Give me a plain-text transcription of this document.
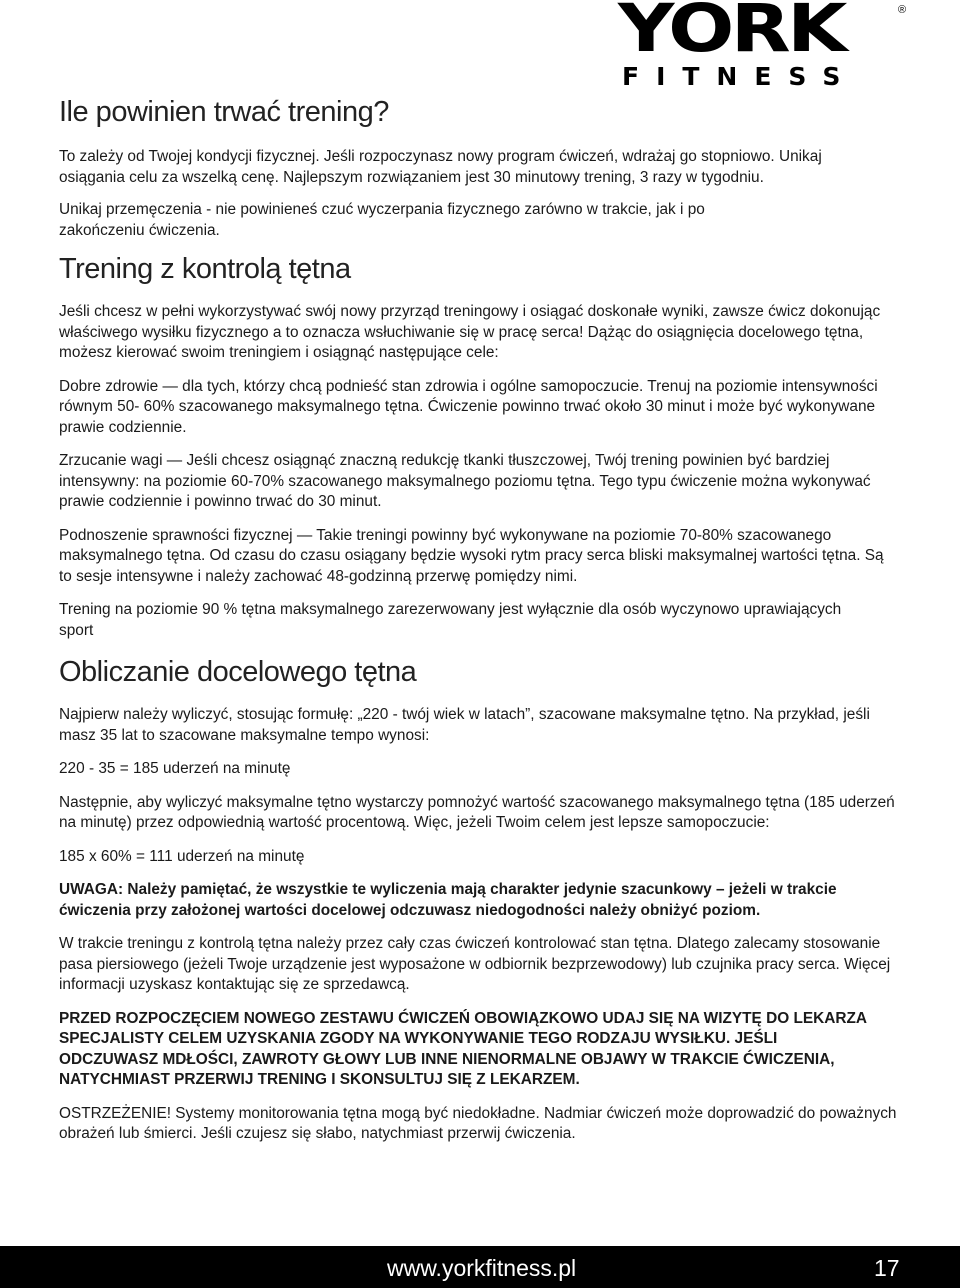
YORK	®
FITNESS
Ile powinien trwać trening?

To zależy od Twojej kondycji fizycznej. Jeśli rozpoczynasz nowy program ćwiczeń, wdrażaj go stopniowo. Unikaj osiągania celu za wszelką cenę. Najlepszym rozwiązaniem jest 30 minutowy trening, 3 razy w tygodniu.

Unikaj przemęczenia - nie powinieneś czuć wyczerpania fizycznego zarówno w trakcie, jak i po zakończeniu ćwiczenia.

Trening z kontrolą tętna

Jeśli chcesz w pełni wykorzystywać swój nowy przyrząd treningowy i osiągać doskonałe wyniki, zawsze ćwicz dokonując właściwego wysiłku fizycznego a to oznacza wsłuchiwanie się w pracę serca! Dążąc do osiągnięcia docelowego tętna, możesz kierować swoim treningiem i osiągnąć następujące cele:

Dobre zdrowie — dla tych, którzy chcą podnieść stan zdrowia i ogólne samopoczucie. Trenuj na poziomie intensywności równym 50- 60% szacowanego maksymalnego tętna. Ćwiczenie powinno trwać około 30 minut i może być wykonywane prawie codziennie.

Zrzucanie wagi — Jeśli chcesz osiągnąć znaczną redukcję tkanki tłuszczowej, Twój trening powinien być bardziej intensywny: na poziomie 60-70% szacowanego maksymalnego poziomu tętna. Tego typu ćwiczenie można wykonywać prawie codziennie i powinno trwać do 30 minut.

Podnoszenie sprawności fizycznej — Takie treningi powinny być wykonywane na poziomie 70-80% szacowanego maksymalnego tętna. Od czasu do czasu osiągany będzie wysoki rytm pracy serca bliski maksymalnej wartości tętna. Są to sesje intensywne i należy zachować 48-godzinną przerwę pomiędzy nimi.

Trening na poziomie 90 % tętna maksymalnego zarezerwowany jest wyłącznie dla osób wyczynowo uprawiających sport

Obliczanie docelowego tętna

Najpierw należy wyliczyć, stosując formułę: „220 - twój wiek w latach”, szacowane maksymalne tętno. Na przykład, jeśli masz 35 lat to szacowane maksymalne tempo wynosi:

220 - 35 = 185 uderzeń na minutę

Następnie, aby wyliczyć maksymalne tętno wystarczy pomnożyć wartość szacowanego maksymalnego tętna (185 uderzeń na minutę) przez odpowiednią wartość procentową. Więc, jeżeli Twoim celem jest lepsze samopoczucie:

185 x 60% = 111 uderzeń na minutę

UWAGA: Należy pamiętać, że wszystkie te wyliczenia mają charakter jedynie szacunkowy – jeżeli w trakcie ćwiczenia przy założonej wartości docelowej odczuwasz niedogodności należy obniżyć poziom.

W trakcie treningu z kontrolą tętna należy przez cały czas ćwiczeń kontrolować stan tętna. Dlatego zalecamy stosowanie pasa piersiowego (jeżeli Twoje urządzenie jest wyposażone w odbiornik bezprzewodowy) lub czujnika pracy serca. Więcej informacji uzyskasz kontaktując się ze sprzedawcą.

PRZED ROZPOCZĘCIEM NOWEGO ZESTAWU ĆWICZEŃ OBOWIĄZKOWO UDAJ SIĘ NA WIZYTĘ DO LEKARZA SPECJALISTY CELEM UZYSKANIA ZGODY NA WYKONYWANIE TEGO RODZAJU WYSIŁKU. JEŚLI ODCZUWASZ MDŁOŚCI, ZAWROTY GŁOWY LUB INNE NIENORMALNE OBJAWY W TRAKCIE ĆWICZENIA, NATYCHMIAST PRZERWIJ TRENING I SKONSULTUJ SIĘ Z LEKARZEM.

OSTRZEŻENIE! Systemy monitorowania tętna mogą być niedokładne. Nadmiar ćwiczeń może doprowadzić do poważnych obrażeń lub śmierci. Jeśli czujesz się słabo, natychmiast przerwij ćwiczenia.

www.yorkfitness.pl	17
